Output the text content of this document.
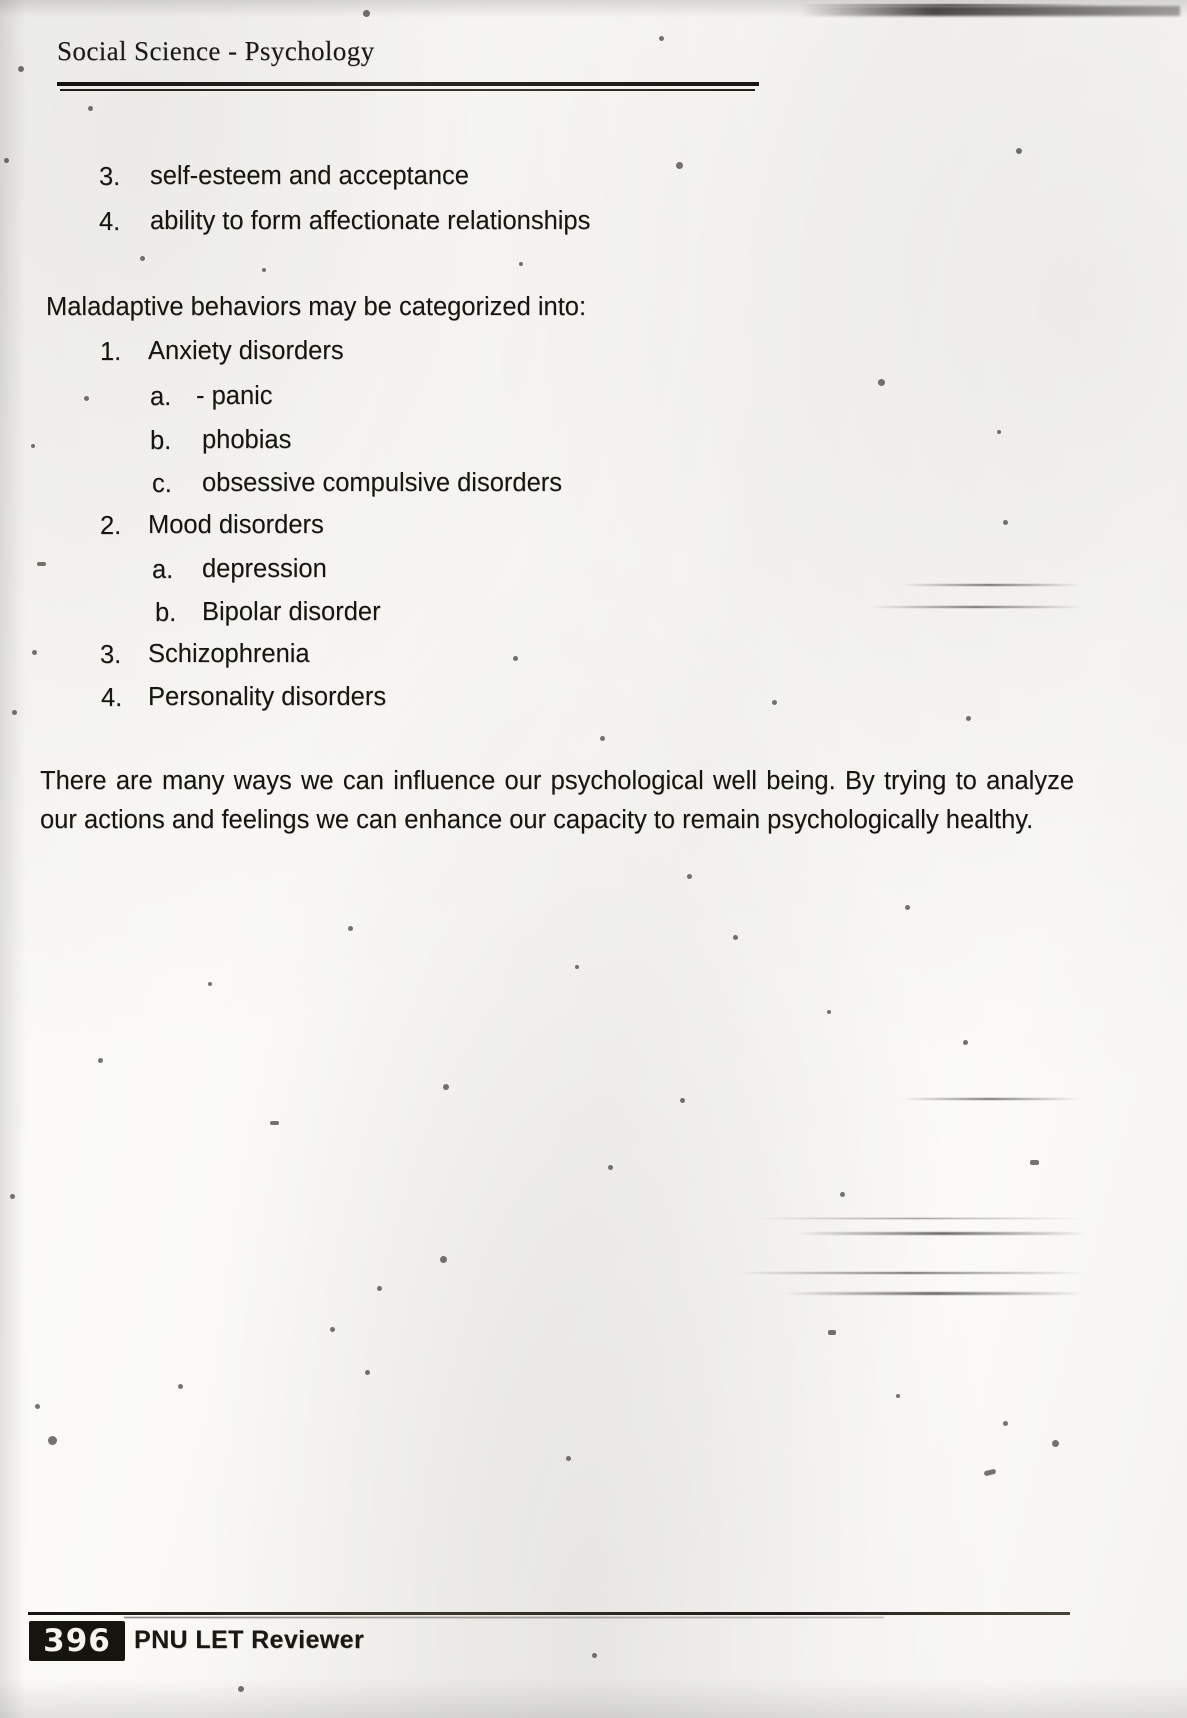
Social Science - Psychology
3. self-esteem and acceptance
4. ability to form affectionate relationships
Maladaptive behaviors may be categorized into:
1. Anxiety disorders
a. - panic
b. phobias
c. obsessive compulsive disorders
2. Mood disorders
a. depression
b. Bipolar disorder
3. Schizophrenia
4. Personality disorders
There are many ways we can influence our psychological well being. By trying to analyze our actions and feelings we can enhance our capacity to remain psychologically healthy.
396 PNU LET Reviewer
